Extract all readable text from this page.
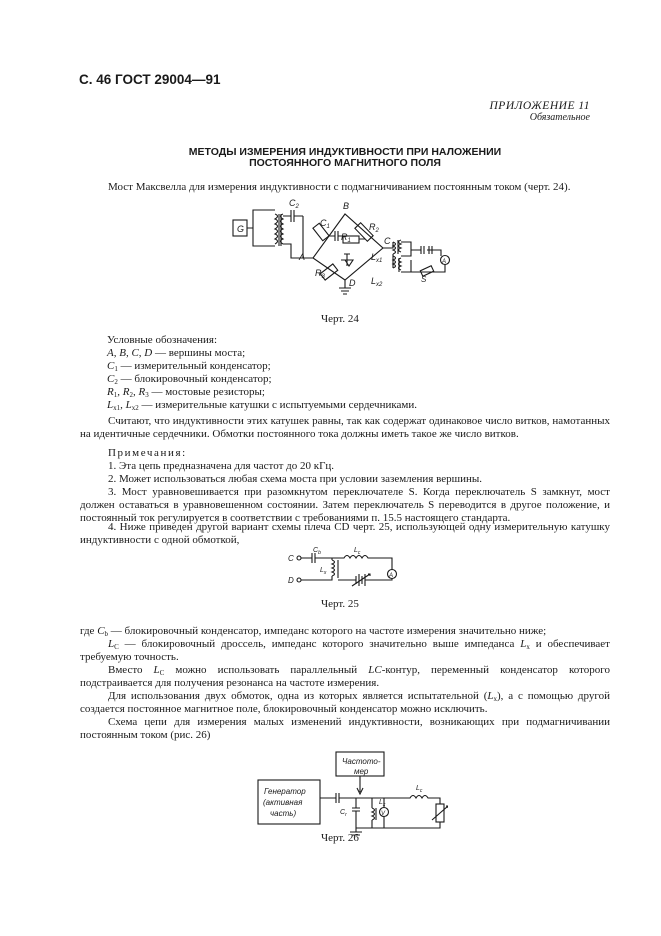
С. 46 ГОСТ 29004—91
ПРИЛОЖЕНИЕ 11
Обязательное
МЕТОДЫ ИЗМЕРЕНИЯ ИНДУКТИВНОСТИ ПРИ НАЛОЖЕНИИ
ПОСТОЯННОГО МАГНИТНОГО ПОЛЯ
Мост Максвелла для измерения индуктивности с подмагничиванием постоянным током (черт. 24).
G
$C_2$
$C_1$
$R_1$
$R_2$
$R_3$
A
B
C
D
$L_{x1}$
$L_{x2}$
S
A
Черт. 24
Условные обозначения:
A, B, C, D — вершины моста;
$C_1$ — измерительный конденсатор;
$C_2$ — блокировочный конденсатор;
$R_1$, $R_2$, $R_3$ — мостовые резисторы;
$L_{x1}$, $L_{x2}$ — измерительные катушки с испытуемыми сердечниками.
Считают, что индуктивности этих катушек равны, так как содержат одинаковое число витков, намотанных на идентичные сердечники. Обмотки постоянного тока должны иметь такое же число витков.
Примечания:
1. Эта цепь предназначена для частот до 20 кГц.
2. Может использоваться любая схема моста при условии заземления вершины.
3. Мост уравновешивается при разомкнутом переключателе S. Когда переключатель S замкнут, мост должен оставаться в уравновешенном состоянии. Затем переключатель S переводится в другое положение, и постоянный ток регулируется в соответствии с требованиями п. 15.5 настоящего стандарта.
4. Ниже приведен другой вариант схемы плеча CD черт. 25, использующей одну измерительную катушку индуктивности с одной обмоткой,
C
D
$C_b$	$L_c$
$L_x$	A
Черт. 25
где $C_b$ — блокировочный конденсатор, импеданс которого на частоте измерения значительно ниже;
$L_C$ — блокировочный дроссель, импеданс которого значительно выше импеданса $L_x$ и обеспечивает требуемую точность.
Вместо $L_C$ можно использовать параллельный LC-контур, переменный конденсатор которого подстраивается для получения резонанса на частоте измерения.
Для использования двух обмоток, одна из которых является испытательной $(L_x)$, а с помощью другой создается постоянное магнитное поле, блокировочный конденсатор можно исключить.
Схема цепи для измерения малых изменений индуктивности, возникающих при подмагничивании постоянным током (рис. 26)
Генератор
(активная
часть)
Частото-
мер
$L_c$
$L_x$
$C_r$	V
Черт. 26
